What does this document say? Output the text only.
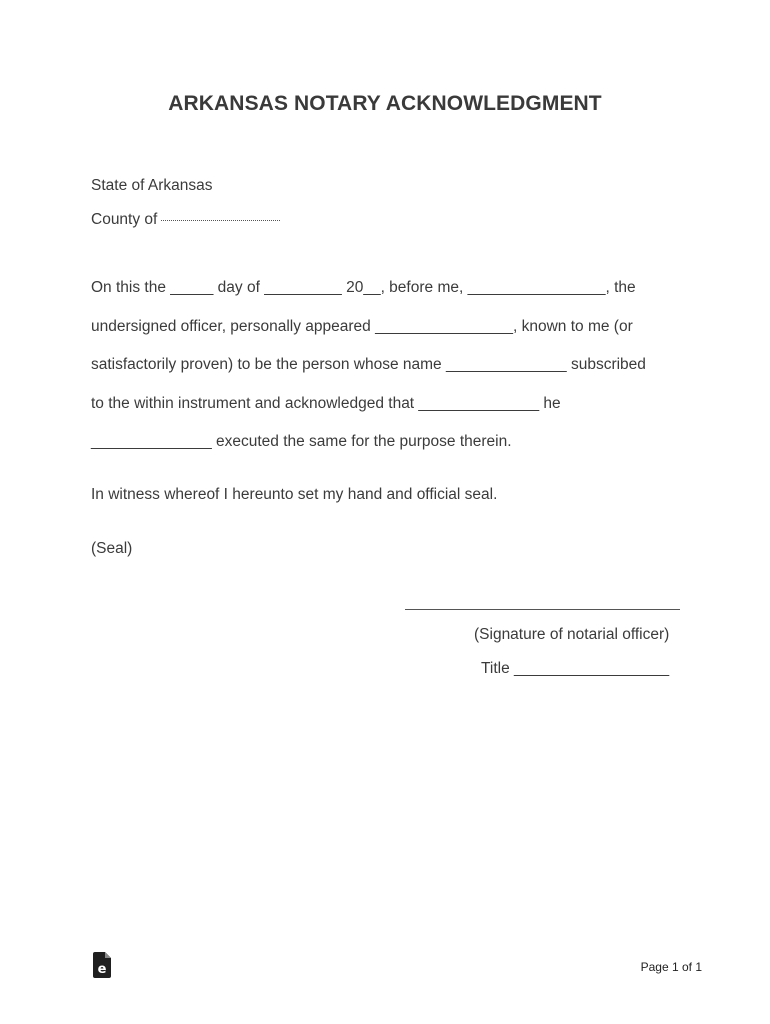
ARKANSAS NOTARY ACKNOWLEDGMENT
State of Arkansas
County of
On this the _____ day of _________ 20__, before me, ________________, the
undersigned officer, personally appeared ________________, known to me (or
satisfactorily proven) to be the person whose name ______________ subscribed
to the within instrument and acknowledged that ______________ he
______________ executed the same for the purpose therein.
In witness whereof I hereunto set my hand and official seal.
(Seal)
(Signature of notarial officer)
Title __________________
e	Page 1 of 1
